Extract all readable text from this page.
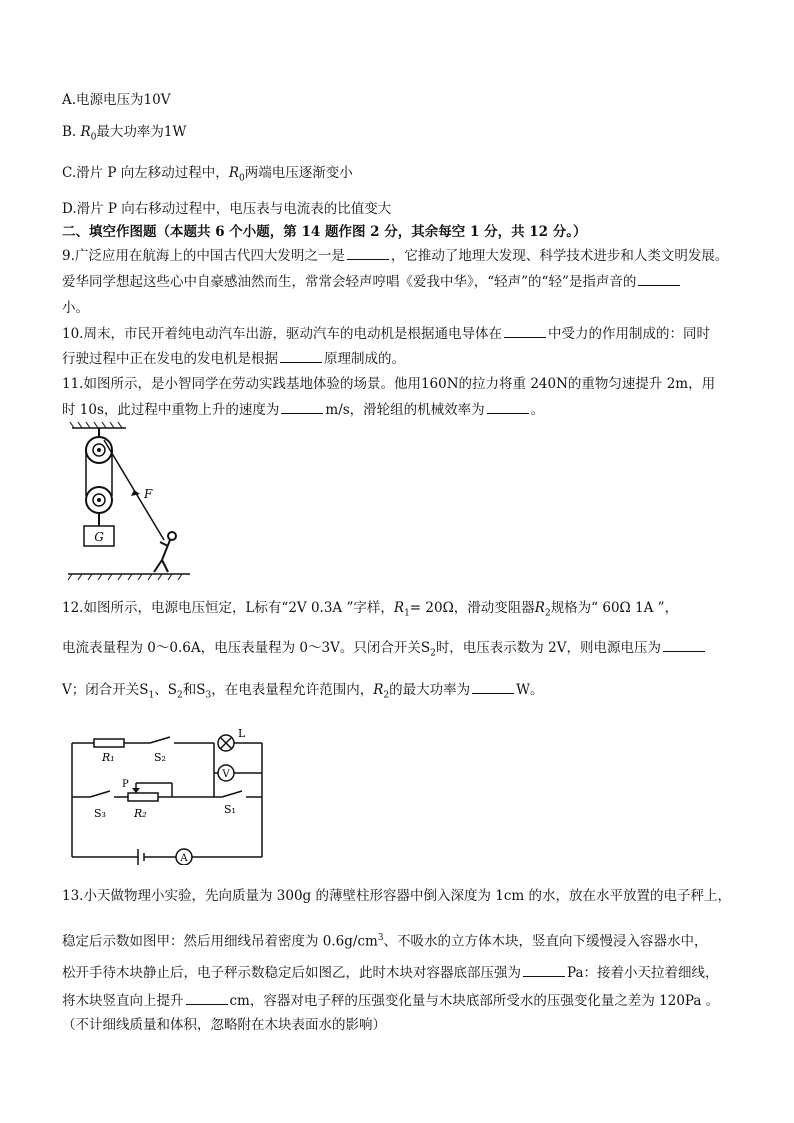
A.电源电压为10V
B. $R_0$最大功率为1W
C.滑片 P 向左移动过程中，$R_0$两端电压逐渐变小
D.滑片 P 向右移动过程中，电压表与电流表的比值变大
二、填空作图题（本题共 6 个小题，第 14 题作图 2 分，其余每空 1 分，共 12 分。）
9.广泛应用在航海上的中国古代四大发明之一是	，它推动了地理大发现、科学技术进步和人类文明发展。
爱华同学想起这些心中自豪感油然而生，常常会轻声哼唱《爱我中华》，“轻声”的“轻”是指声音的
小。
10.周末，市民开着纯电动汽车出游，驱动汽车的电动机是根据通电导体在	中受力的作用制成的：同时
行驶过程中正在发电的发电机是根据	原理制成的。
11.如图所示，是小智同学在劳动实践基地体验的场景。他用160N的拉力将重 240N的重物匀速提升 2m，用
时 10s，此过程中重物上升的速度为	m/s，滑轮组的机械效率为	。
G
F
12.如图所示，电源电压恒定，L标有“2V 0.3A ”字样，$R_1= 20\Omega$，滑动变阻器$R_2$规格为“ 60Ω 1A ”，
电流表量程为 0～0.6A，电压表量程为 0～3V。只闭合开关$S_2$时，电压表示数为 2V，则电源电压为
V；闭合开关$S_1$、$S_2$和$S_3$，在电表量程允许范围内，$R_2$的最大功率为	W。
R₁	S₂
L
V
P
R₂
S₃	S₁
A
13.小天做物理小实验，先向质量为 300g 的薄壁柱形容器中倒入深度为 1cm 的水，放在水平放置的电子秤上，
稳定后示数如图甲：然后用细线吊着密度为 $0.6g/cm^3$、不吸水的立方体木块，竖直向下缓慢浸入容器水中，
松开手待木块静止后，电子秤示数稳定后如图乙，此时木块对容器底部压强为	Pa：接着小天拉着细线，
将木块竖直向上提升	cm，容器对电子秤的压强变化量与木块底部所受水的压强变化量之差为 120Pa 。
（不计细线质量和体积，忽略附在木块表面水的影响）
